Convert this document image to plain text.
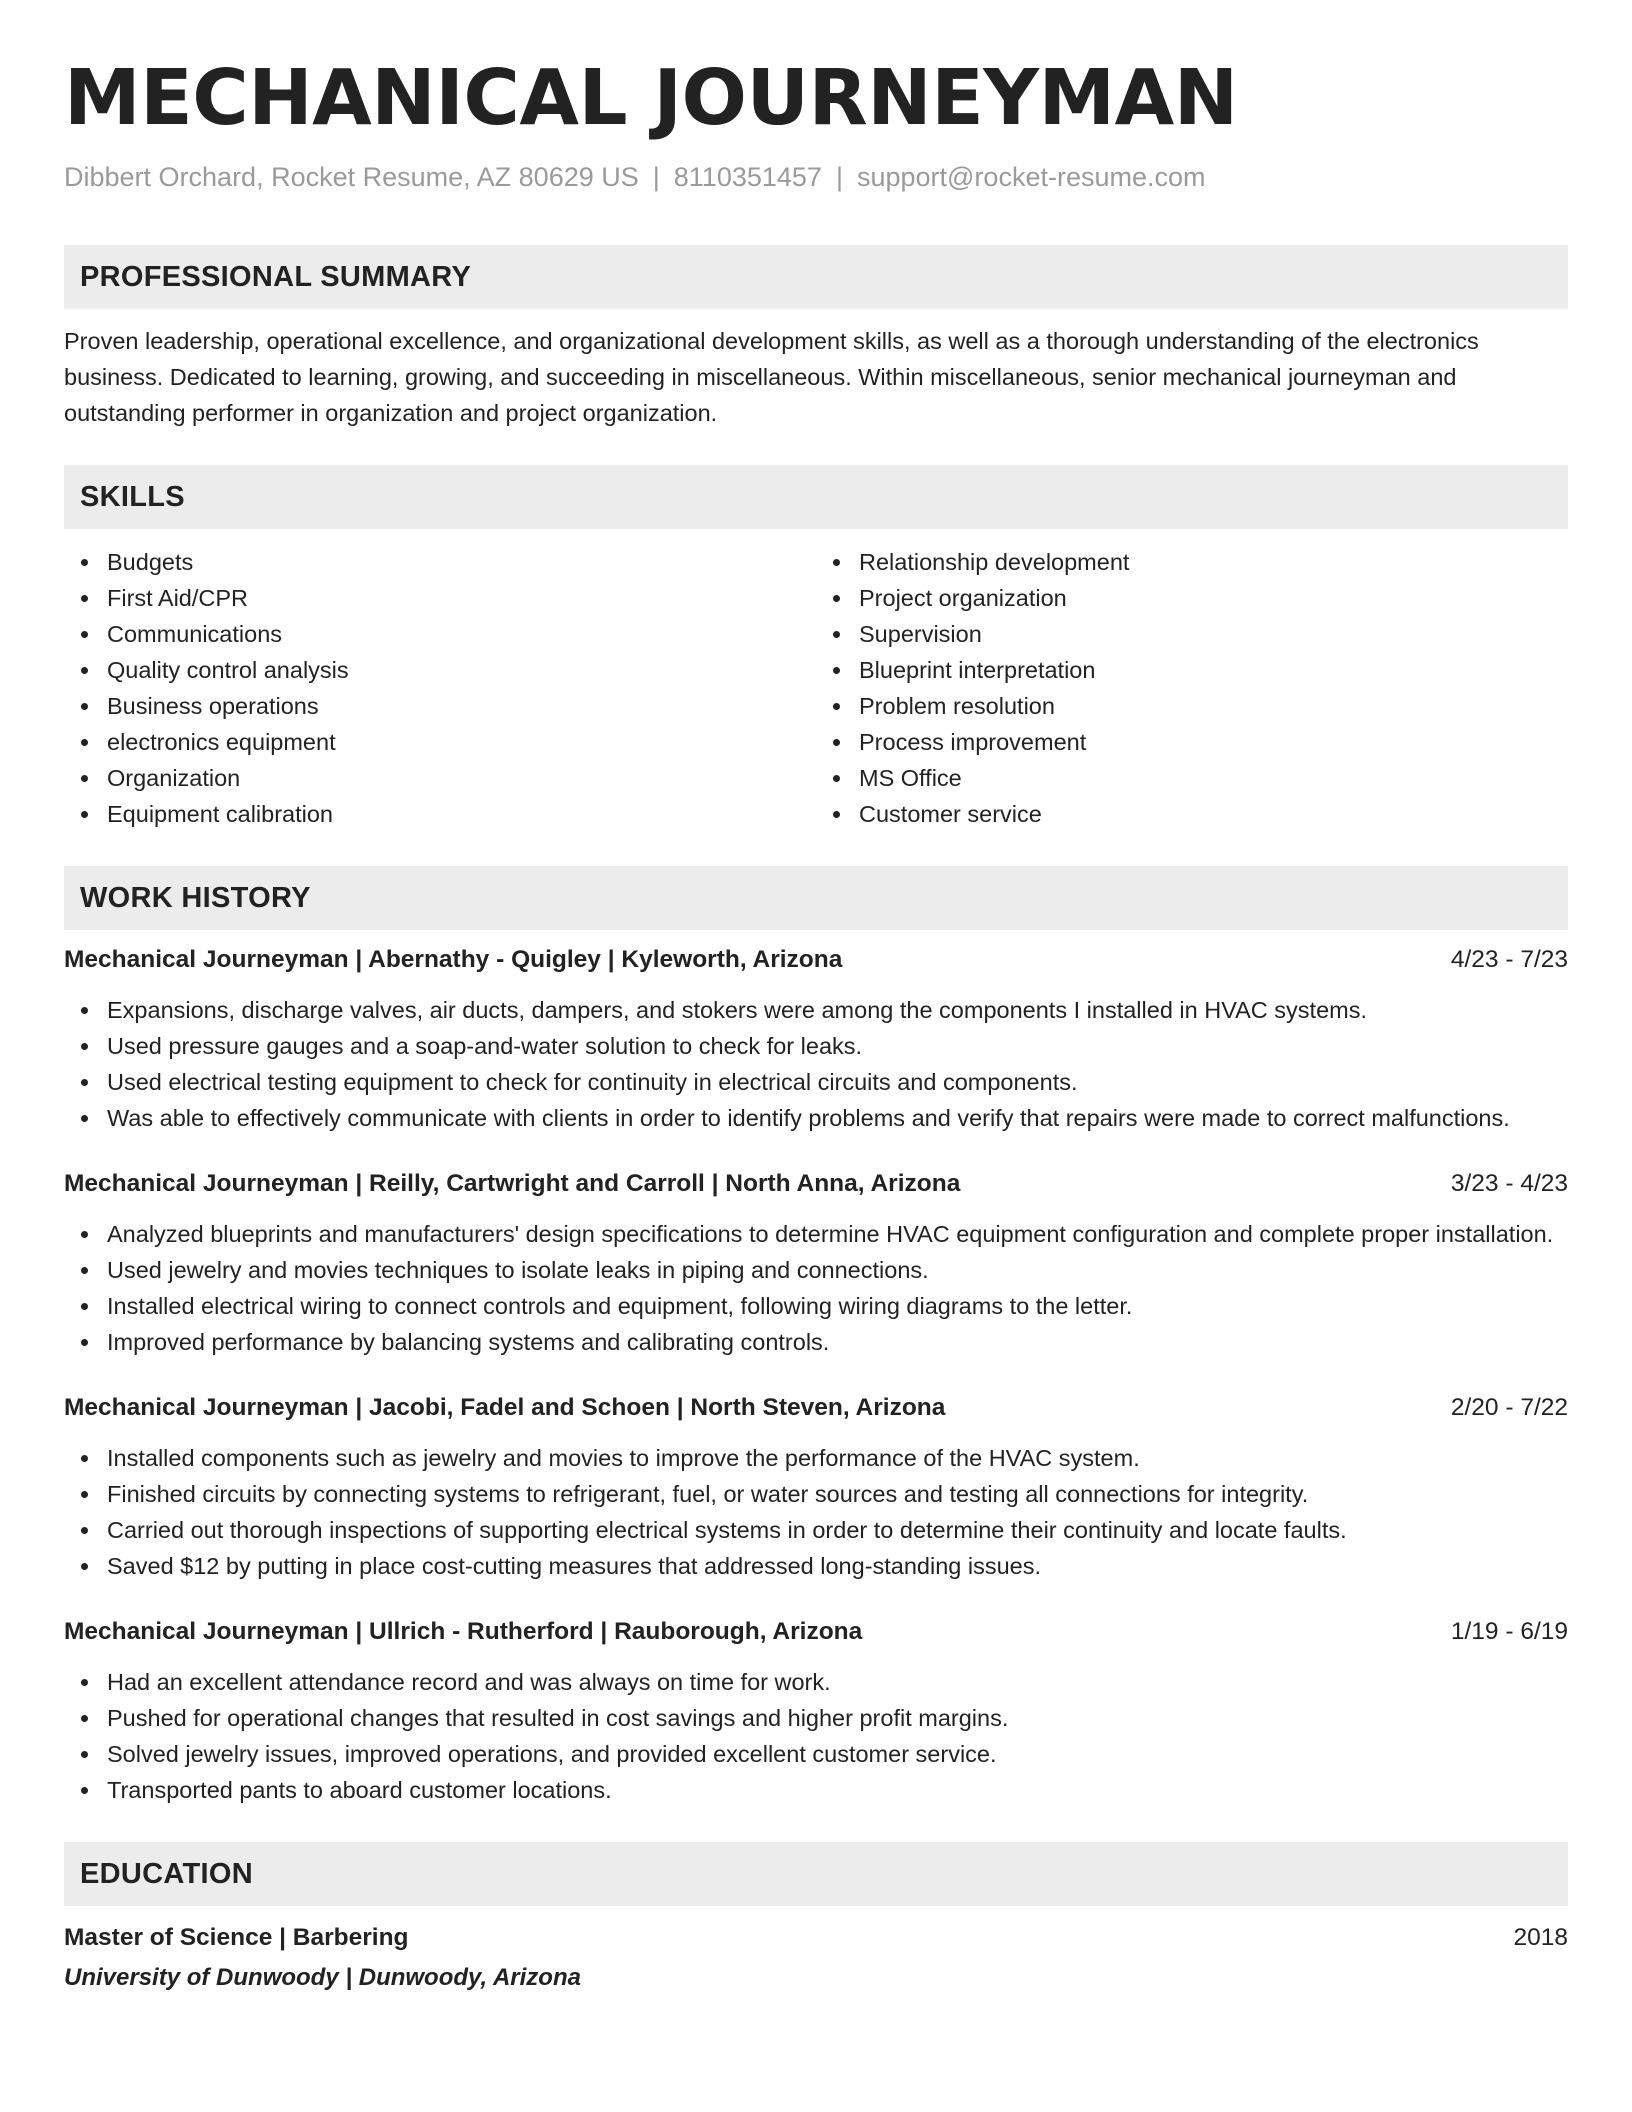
MECHANICAL JOURNEYMAN
Dibbert Orchard, Rocket Resume, AZ 80629 US | 8110351457 | support@rocket-resume.com
PROFESSIONAL SUMMARY

Proven leadership, operational excellence, and organizational development skills, as well as a thorough understanding of the electronics business. Dedicated to learning, growing, and succeeding in miscellaneous. Within miscellaneous, senior mechanical journeyman and outstanding performer in organization and project organization.

SKILLS
Budgets
First Aid/CPR
Communications
Quality control analysis
Business operations
electronics equipment
Organization
Equipment calibration
Relationship development
Project organization
Supervision
Blueprint interpretation
Problem resolution
Process improvement
MS Office
Customer service
WORK HISTORY
Mechanical Journeyman | Abernathy - Quigley | Kyleworth, Arizona	4/23 - 7/23
Expansions, discharge valves, air ducts, dampers, and stokers were among the components I installed in HVAC systems.
Used pressure gauges and a soap-and-water solution to check for leaks.
Used electrical testing equipment to check for continuity in electrical circuits and components.
Was able to effectively communicate with clients in order to identify problems and verify that repairs were made to correct malfunctions.
Mechanical Journeyman | Reilly, Cartwright and Carroll | North Anna, Arizona	3/23 - 4/23
Analyzed blueprints and manufacturers' design specifications to determine HVAC equipment configuration and complete proper installation.
Used jewelry and movies techniques to isolate leaks in piping and connections.
Installed electrical wiring to connect controls and equipment, following wiring diagrams to the letter.
Improved performance by balancing systems and calibrating controls.
Mechanical Journeyman | Jacobi, Fadel and Schoen | North Steven, Arizona	2/20 - 7/22
Installed components such as jewelry and movies to improve the performance of the HVAC system.
Finished circuits by connecting systems to refrigerant, fuel, or water sources and testing all connections for integrity.
Carried out thorough inspections of supporting electrical systems in order to determine their continuity and locate faults.
Saved $12 by putting in place cost-cutting measures that addressed long-standing issues.
Mechanical Journeyman | Ullrich - Rutherford | Rauborough, Arizona	1/19 - 6/19
Had an excellent attendance record and was always on time for work.
Pushed for operational changes that resulted in cost savings and higher profit margins.
Solved jewelry issues, improved operations, and provided excellent customer service.
Transported pants to aboard customer locations.
EDUCATION
Master of Science | Barbering	2018
University of Dunwoody | Dunwoody, Arizona
